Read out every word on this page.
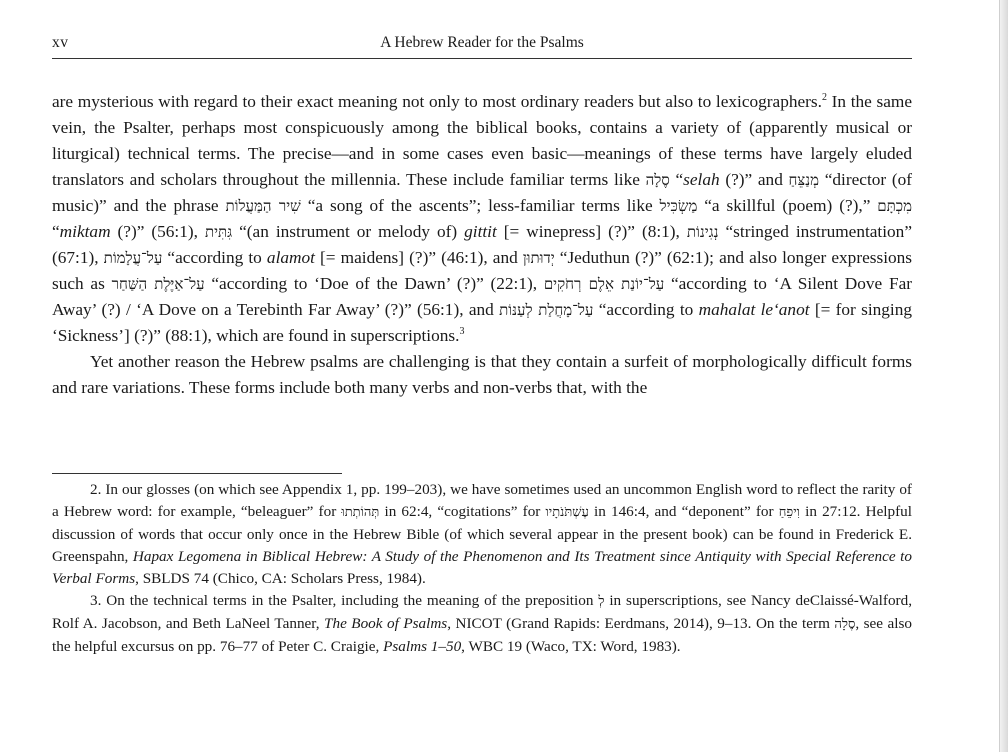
xv	A Hebrew Reader for the Psalms

are mysterious with regard to their exact meaning not only to most ordinary readers but also to lexicographers.$^2$ In the same vein, the Psalter, perhaps most conspicuously among the biblical books, contains a variety of (apparently musical or liturgical) technical terms. The precise—and in some cases even basic—meanings of these terms have largely eluded translators and scholars throughout the millennia. These include familiar terms like סֶלָה “selah (?)” and מְנַצֵּחַ “director (of music)” and the phrase שִׁיר הַמַּעֲלוֹת “a song of the ascents”; less-familiar terms like מַשְׂכִּיל “a skillful (poem) (?),” מִכְתָּם “miktam (?)” (56:1), גִּתִּית “(an instrument or melody of) gittit [= winepress] (?)” (8:1), נְגִינוֹת “stringed instrumentation” (67:1), עַל־עֲלָמוֹת “according to alamot [= maidens] (?)” (46:1), and יְדוּתוּן “Jeduthun (?)” (62:1); and also longer expressions such as עַל־אַיֶּלֶת הַשַּׁחַר “according to ‘Doe of the Dawn’ (?)” (22:1), עַל־יוֹנַת אֵלֶם רְחֹקִים “according to ‘A Silent Dove Far Away’ (?) / ‘A Dove on a Terebinth Far Away’ (?)” (56:1), and עַל־מָחֲלַת לְעַנּוֹת “according to mahalat le‘anot [= for singing ‘Sickness’] (?)” (88:1), which are found in superscriptions.$^3$

Yet another reason the Hebrew psalms are challenging is that they contain a surfeit of morphologically difficult forms and rare variations. These forms include both many verbs and non-verbs that, with the

2. In our glosses (on which see Appendix 1, pp. 199–203), we have sometimes used an uncommon English word to reflect the rarity of a Hebrew word: for example, “beleaguer” for תְּהוֹתְתוּ in 62:4, “cogitations” for עֶשְׁתֹּנֹתָיו in 146:4, and “deponent” for וִיפֵחַ in 27:12. Helpful discussion of words that occur only once in the Hebrew Bible (of which several appear in the present book) can be found in Frederick E. Greenspahn, Hapax Legomena in Biblical Hebrew: A Study of the Phenomenon and Its Treatment since Antiquity with Special Reference to Verbal Forms, SBLDS 74 (Chico, CA: Scholars Press, 1984).

3. On the technical terms in the Psalter, including the meaning of the preposition לְ in superscriptions, see Nancy deClaissé-Walford, Rolf A. Jacobson, and Beth LaNeel Tanner, The Book of Psalms, NICOT (Grand Rapids: Eerdmans, 2014), 9–13. On the term סֶלָה, see also the helpful excursus on pp. 76–77 of Peter C. Craigie, Psalms 1–50, WBC 19 (Waco, TX: Word, 1983).
